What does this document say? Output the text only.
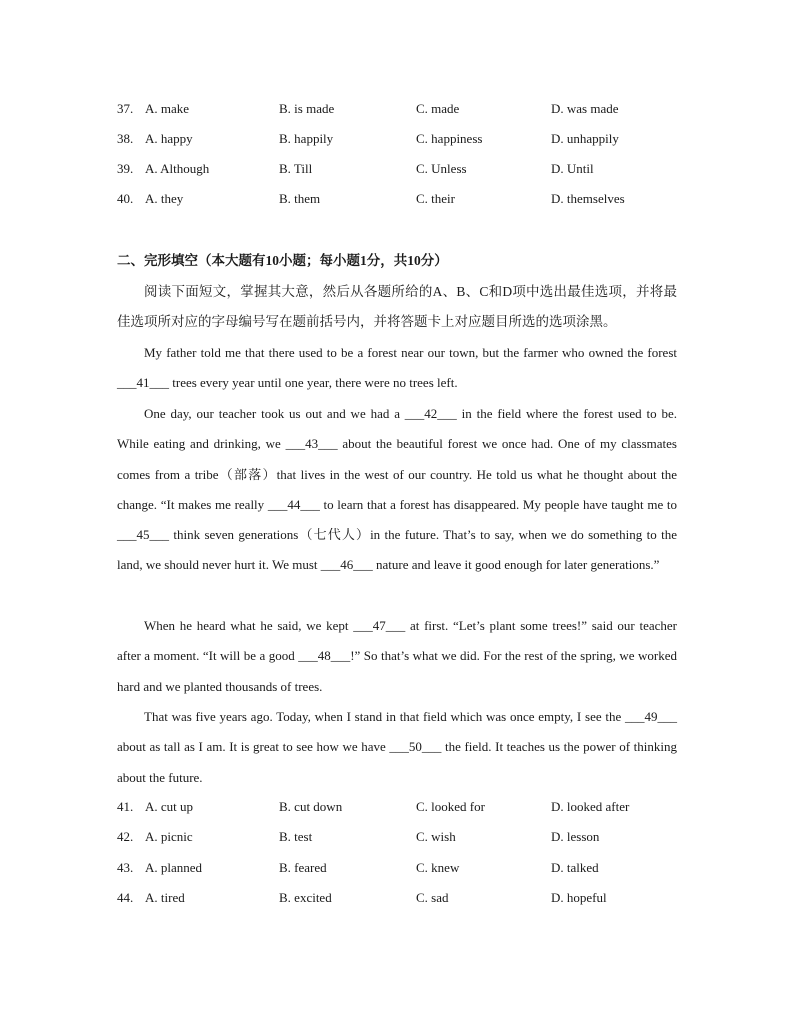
37. A. make	B. is made	C. made	D. was made
38. A. happy	B. happily	C. happiness	D. unhappily
39. A. Although	B. Till	C. Unless	D. Until
40. A. they	B. them	C. their	D. themselves
二、完形填空（本大题有10小题；每小题1分，共10分）

阅读下面短文，掌握其大意，然后从各题所给的A、B、C和D项中选出最佳选项，并将最佳选项所对应的字母编号写在题前括号内，并将答题卡上对应题目所选的选项涂黑。

My father told me that there used to be a forest near our town, but the farmer who owned the forest ___41___ trees every year until one year, there were no trees left.

One day, our teacher took us out and we had a ___42___ in the field where the forest used to be. While eating and drinking, we ___43___ about the beautiful forest we once had. One of my classmates comes from a tribe（部落）that lives in the west of our country. He told us what he thought about the change. “It makes me really ___44___ to learn that a forest has disappeared. My people have taught me to ___45___ think seven generations（七代人）in the future. That’s to say, when we do something to the land, we should never hurt it. We must ___46___ nature and leave it good enough for later generations.”

When he heard what he said, we kept ___47___ at first. “Let’s plant some trees!” said our teacher after a moment. “It will be a good ___48___!” So that’s what we did. For the rest of the spring, we worked hard and we planted thousands of trees.

That was five years ago. Today, when I stand in that field which was once empty, I see the ___49___ about as tall as I am. It is great to see how we have ___50___ the field. It teaches us the power of thinking about the future.

41. A. cut up	B. cut down	C. looked for	D. looked after
42. A. picnic	B. test	C. wish	D. lesson
43. A. planned	B. feared	C. knew	D. talked
44. A. tired	B. excited	C. sad	D. hopeful
